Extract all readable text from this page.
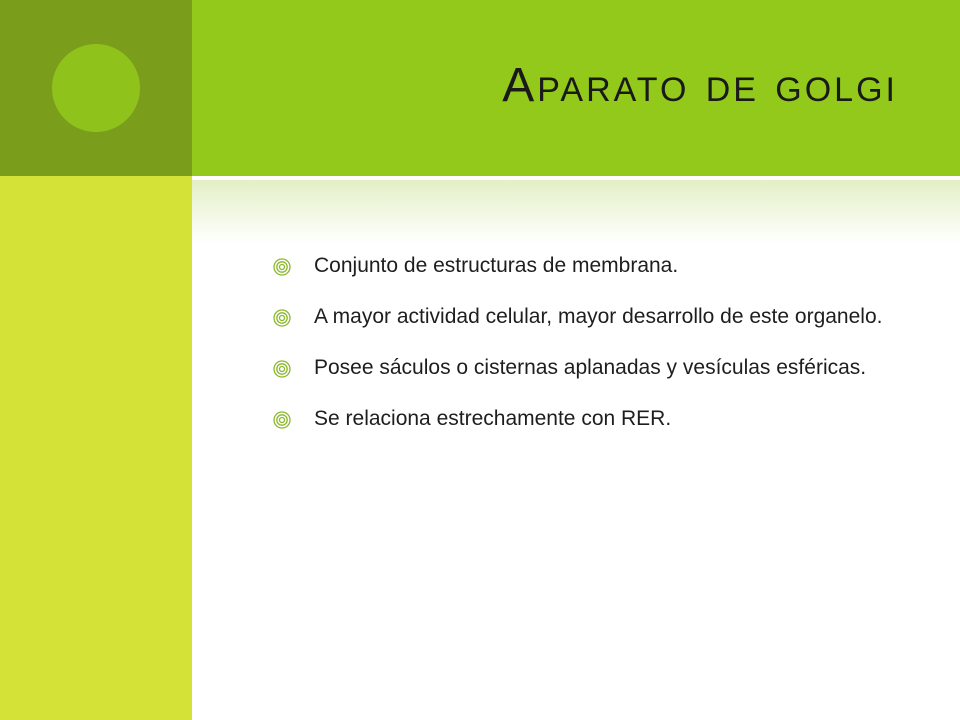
Aparato de golgi
Conjunto de estructuras de membrana.
A mayor actividad celular, mayor desarrollo de este organelo.
Posee sáculos o cisternas aplanadas y vesículas esféricas.
Se relaciona estrechamente con RER.
